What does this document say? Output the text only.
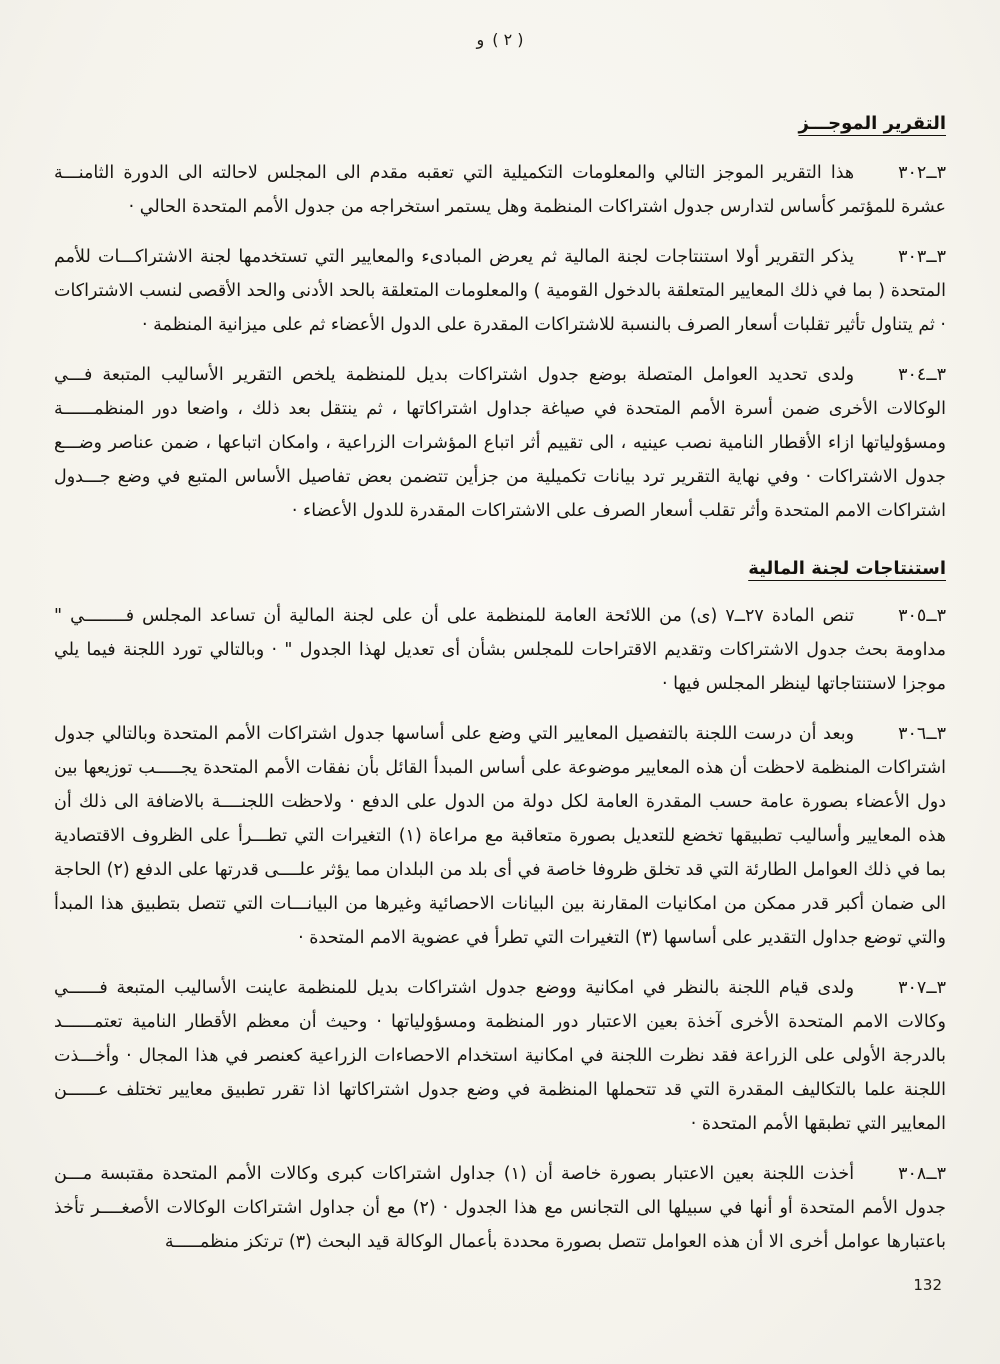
و ( ٢ )
التقرير الموجـــز

٣ــ٣٠٢هذا التقرير الموجز التالي والمعلومات التكميلية التي تعقبه مقدم الى المجلس لاحالته الى الدورة الثامنـــة عشرة للمؤتمر كأساس لتدارس جدول اشتراكات المنظمة وهل يستمر استخراجه من جدول الأمم المتحدة الحالي ·

٣ــ٣٠٣يذكر التقرير أولا استنتاجات لجنة المالية ثم يعرض المبادىء والمعايير التي تستخدمها لجنة الاشتراكـــات للأمم المتحدة ( بما في ذلك المعايير المتعلقة بالدخول القومية ) والمعلومات المتعلقة بالحد الأدنى والحد الأقصى لنسب الاشتراكات · ثم يتناول تأثير تقلبات أسعار الصرف بالنسبة للاشتراكات المقدرة على الدول الأعضاء ثم على ميزانية المنظمة ·

٣ــ٣٠٤ولدى تحديد العوامل المتصلة بوضع جدول اشتراكات بديل للمنظمة يلخص التقرير الأساليب المتبعة فـــي الوكالات الأخرى ضمن أسرة الأمم المتحدة في صياغة جداول اشتراكاتها ، ثم ينتقل بعد ذلك ، واضعا دور المنظمــــــة ومسؤولياتها ازاء الأقطار النامية نصب عينيه ، الى تقييم أثر اتباع المؤشرات الزراعية ، وامكان اتباعها ، ضمن عناصر وضـــع جدول الاشتراكات · وفي نهاية التقرير ترد بيانات تكميلية من جزأين تتضمن بعض تفاصيل الأساس المتبع في وضع جـــدول اشتراكات الامم المتحدة وأثر تقلب أسعار الصرف على الاشتراكات المقدرة للدول الأعضاء ·

استنتاجات لجنة المالية

٣ــ٣٠٥تنص المادة ٢٧ــ٧ (ى) من اللائحة العامة للمنظمة على أن على لجنة المالية أن تساعد المجلس فــــــــي " مداومة بحث جدول الاشتراكات وتقديم الاقتراحات للمجلس بشأن أى تعديل لهذا الجدول " · وبالتالي تورد اللجنة فيما يلي موجزا لاستنتاجاتها لينظر المجلس فيها ·

٣ــ٣٠٦وبعد أن درست اللجنة بالتفصيل المعايير التي وضع على أساسها جدول اشتراكات الأمم المتحدة وبالتالي جدول اشتراكات المنظمة لاحظت أن هذه المعايير موضوعة على أساس المبدأ القائل بأن نفقات الأمم المتحدة يجـــــب توزيعها بين دول الأعضاء بصورة عامة حسب المقدرة العامة لكل دولة من الدول على الدفع · ولاحظت اللجنــــة بالاضافة الى ذلك أن هذه المعايير وأساليب تطبيقها تخضع للتعديل بصورة متعاقبة مع مراعاة (١) التغيرات التي تطـــرأ على الظروف الاقتصادية بما في ذلك العوامل الطارئة التي قد تخلق ظروفا خاصة في أى بلد من البلدان مما يؤثر علــــى قدرتها على الدفع (٢) الحاجة الى ضمان أكبر قدر ممكن من امكانيات المقارنة بين البيانات الاحصائية وغيرها من البيانـــات التي تتصل بتطبيق هذا المبدأ والتي توضع جداول التقدير على أساسها (٣) التغيرات التي تطرأ في عضوية الامم المتحدة ·

٣ــ٣٠٧ولدى قيام اللجنة بالنظر في امكانية ووضع جدول اشتراكات بديل للمنظمة عاينت الأساليب المتبعة فــــــي وكالات الامم المتحدة الأخرى آخذة بعين الاعتبار دور المنظمة ومسؤولياتها · وحيث أن معظم الأقطار النامية تعتمــــــد بالدرجة الأولى على الزراعة فقد نظرت اللجنة في امكانية استخدام الاحصاءات الزراعية كعنصر في هذا المجال · وأخـــذت اللجنة علما بالتكاليف المقدرة التي قد تتحملها المنظمة في وضع جدول اشتراكاتها اذا تقرر تطبيق معايير تختلف عــــــن المعايير التي تطبقها الأمم المتحدة ·

٣ــ٣٠٨أخذت اللجنة بعين الاعتبار بصورة خاصة أن (١) جداول اشتراكات كبرى وكالات الأمم المتحدة مقتبسة مـــن جدول الأمم المتحدة أو أنها في سبيلها الى التجانس مع هذا الجدول · (٢) مع أن جداول اشتراكات الوكالات الأصغــــر تأخذ باعتبارها عوامل أخرى الا أن هذه العوامل تتصل بصورة محددة بأعمال الوكالة قيد البحث (٣) ترتكز منظمـــــة

132
